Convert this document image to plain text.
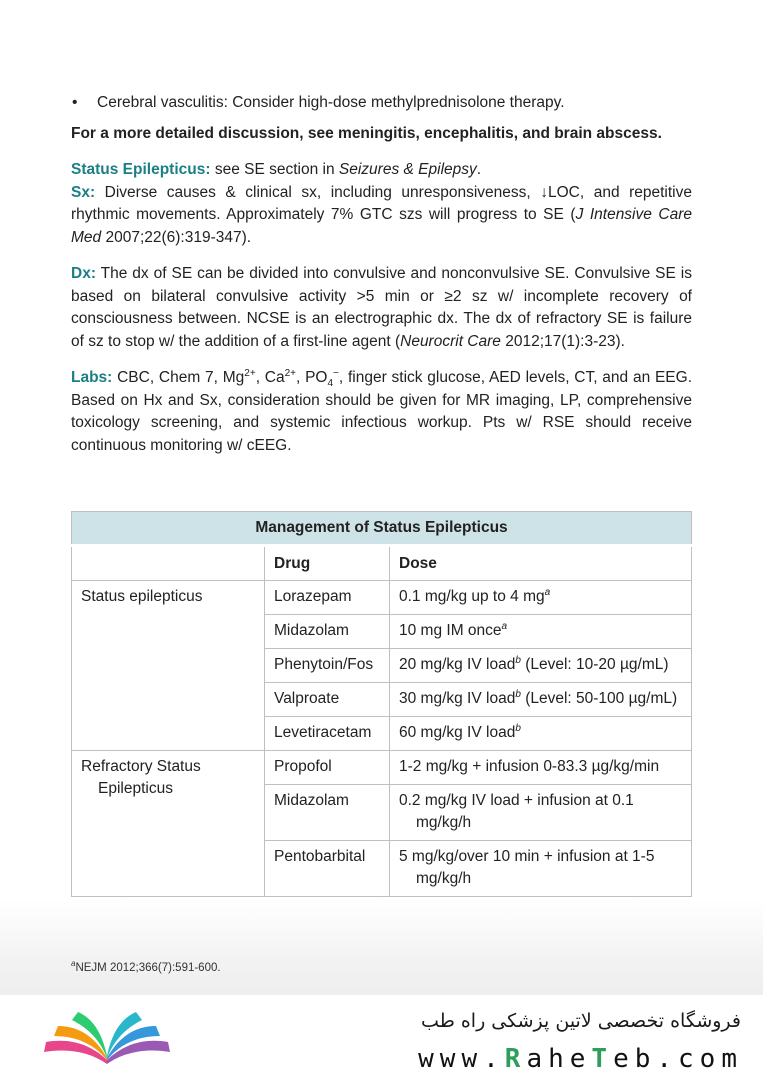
• Cerebral vasculitis: Consider high-dose methylprednisolone therapy.

For a more detailed discussion, see meningitis, encephalitis, and brain abscess.

Status Epilepticus: see SE section in Seizures & Epilepsy.

Sx: Diverse causes & clinical sx, including unresponsiveness, ↓LOC, and repetitive rhythmic movements. Approximately 7% GTC szs will progress to SE (J Intensive Care Med 2007;22(6):319-347).

Dx: The dx of SE can be divided into convulsive and nonconvulsive SE. Convulsive SE is based on bilateral convulsive activity >5 min or ≥2 sz w/ incomplete recovery of consciousness between. NCSE is an electrographic dx. The dx of refractory SE is failure of sz to stop w/ the addition of a first-line agent (Neurocrit Care 2012;17(1):3-23).

Labs: CBC, Chem 7, $Mg^{2+}$, $Ca^{2+}$, $PO_4^-$, finger stick glucose, AED levels, CT, and an EEG. Based on Hx and Sx, consideration should be given for MR imaging, LP, comprehensive toxicology screening, and systemic infectious workup. Pts w/ RSE should receive continuous monitoring w/ cEEG.

Management of Status Epilepticus		
	Drug	Dose

Status epilepticus	Lorazepam	0.1 mg/kg up to 4 $mg^a$

	Midazolam	10 mg IM once$^a$

	Phenytoin/Fos	20 mg/kg IV load$^b$ (Level: 10-20 µg/mL)

	Valproate	30 mg/kg IV load$^b$ (Level: 50-100 µg/mL)

	Levetiracetam	60 mg/kg IV load$^b$

Refractory Status Epilepticus	Propofol	1-2 mg/kg + infusion 0-83.3 µg/kg/min

	Midazolam	0.2 mg/kg IV load + infusion at 0.1 mg/kg/h

	Pentobarbital	5 mg/kg/over 10 min + infusion at 1-5 mg/kg/h
$^a$NEJM 2012;366(7):591-600.
فروشگاه تخصصی لاتین پزشکی راه طب
www.RaheTeb.com
